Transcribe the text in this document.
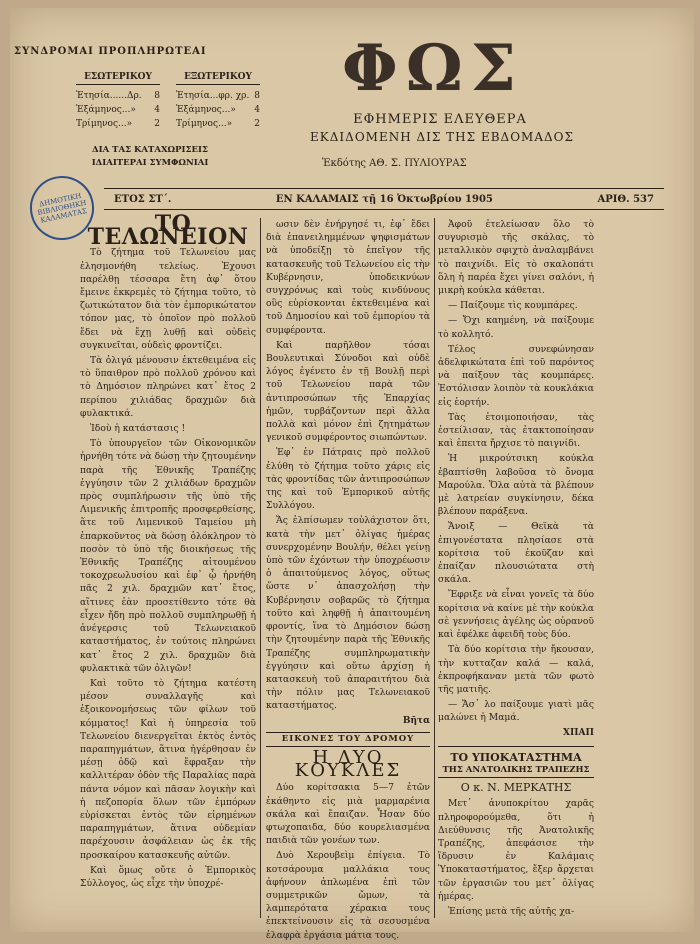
ΣΥΝΔΡΟΜΑΙ ΠΡΟΠΛΗΡΩΤΕΑΙ
ΕΣΩΤΕΡΙΚΟΥ
Ἐτησία......Δρ. 8
Ἑξάμηνος...» 4
Τρίμηνος...» 2
ΕΞΩΤΕΡΙΚΟΥ
Ἐτησία...φρ. χρ. 8
Ἑξάμηνος...» 4
Τρίμηνος...» 2
ΔΙΑ ΤΑΣ ΚΑΤΑΧΩΡΙΣΕΙΣ
ΙΔΙΑΙΤΕΡΑΙ ΣΥΜΦΩΝΙΑΙ
ΦΩΣ
ΕΦΗΜΕΡΙΣ ΕΛΕΥΘΕΡΑ
ΕΚΔΙΔΟΜΕΝΗ ΔΙΣ ΤΗΣ ΕΒΔΟΜΑΔΟΣ
Ἐκδότης ΑΘ. Σ. ΠΥΛΙΟΥΡΑΣ
ΔΗΜΟΤΙΚΗ ΒΙΒΛΙΟΘΗΚΗ ΚΑΛΑΜΑΤΑΣ
ΕΤΟΣ ΣΤ΄.	ΕΝ ΚΑΛΑΜΑΙΣ τῇ 16 Ὀκτωβρίου 1905	ΑΡΙΘ. 537

ΤΟ ΤΕΛΩΝΕΙΟΝ

Τὸ ζήτημα τοῦ Τελωνείου μας ἐλησμονήθη τελείως. Ἐχουσι παρέλθῃ τέσσαρα ἔτη ἀφ᾽ ὅτου ἔμεινε ἐκκρεμὲς τὸ ζήτημα τοῦτο, τὸ ζωτικώτατον διὰ τὸν ἐμπορικώτατον τόπον μας, τὸ ὁποῖον πρὸ πολλοῦ ἔδει νὰ ἔχῃ λυθῇ καὶ οὐδεὶς συγκινεῖται, οὐδεὶς φροντίζει.

Τὰ ὀλιγά μένουσιν ἐκτεθειμένα εἰς τὸ ὕπαιθρον πρὸ πολλοῦ χρόνου καὶ τὸ Δημόσιον πληρώνει κατ᾽ ἔτος 2 περίπου χιλιάδας δραχμῶν διὰ φυλακτικά.

Ἰδοὺ ἡ κατάστασις !

Τὸ ὑπουργεῖον τῶν Οἰκονομικῶν ἠρνήθη τότε νὰ δώσῃ τὴν ζητουμένην παρὰ τῆς Ἐθνικῆς Τραπέζης ἐγγύησιν τῶν 2 χιλιάδων δραχμῶν πρὸς συμπλήρωσιν τῆς ὑπὸ τῆς Λιμενικῆς ἐπιτροπῆς προσφερθείσης, ἅτε τοῦ Λιμενικοῦ Ταμείου μὴ ἐπαρκοῦντος νὰ δώσῃ ὁλόκληρον τὸ ποσὸν τὸ ὑπὸ τῆς διοικήσεως τῆς Ἐθνικῆς Τραπέζης αἰτουμένου τοκοχρεωλυσίου καὶ ἐφ᾽ ᾧ ἠρνήθη πᾶς 2 χιλ. δραχμῶν κατ᾽ ἔτος, αἵτινες ἐὰν προσετίθεντο τότε θὰ εἶχεν ἤδη πρὸ πολλοῦ συμπληρωθῇ ἡ ἀνέγερσις τοῦ Τελωνειακοῦ καταστήματος, ἐν τούτοις πληρώνει κατ᾽ ἔτος 2 χιλ. δραχμῶν διὰ φυλακτικὰ τῶν ὀλιγῶν!

Καὶ τοῦτο τὸ ζήτημα κατέστη μέσον συναλλαγῆς καὶ ἐξοικονομήσεως τῶν φίλων τοῦ κόμματος! Καὶ ἡ ὑπηρεσία τοῦ Τελωνείου διενεργεῖται ἐκτὸς ἐντὸς παραπηγμάτων, ἅτινα ἠγέρθησαν ἐν μέσῃ ὁδῷ καὶ ἔφραξαν τὴν καλλιτέραν ὁδὸν τῆς Παραλίας παρὰ πάντα νόμον καὶ πᾶσαν λογικὴν καὶ ἡ πεζοπορία ὅλων τῶν ἐμπόρων εὑρίσκεται ἐντὸς τῶν εἰρημένων παραπηγμάτων, ἅτινα οὐδεμίαν παρέχουσιν ἀσφάλειαν ὡς ἐκ τῆς προσκαίρου κατασκευῆς αὐτῶν.

Καὶ ὅμως οὔτε ὁ Ἐμπορικὸς Σύλλογος, ὡς εἶχε τὴν ὑποχρέ-

ωσιν δὲν ἐνήργησέ τι, ἐφ᾽ ἔδει διὰ ἐπανειλημμένων ψηφισμάτων νὰ ὑποδείξῃ τὸ ἐπεῖγον τῆς κατασκευῆς τοῦ Τελωνείου εἰς τὴν Κυβέρνησιν, ὑποδεικνύων συγχρόνως καὶ τοὺς κινδύνους οὓς εὑρίσκονται ἐκτεθειμένα καὶ τοῦ Δημοσίου καὶ τοῦ ἐμπορίου τὰ συμφέροντα.

Καὶ παρῆλθον τόσαι Βουλευτικαὶ Σύνοδοι καὶ οὐδὲ λόγος ἐγένετο ἐν τῇ Βουλῇ περὶ τοῦ Τελωνείου παρὰ τῶν ἀντιπροσώπων τῆς Ἐπαρχίας ἡμῶν, τυρβάζοντων περὶ ἄλλα πολλὰ καὶ μόνον ἐπὶ ζητημάτων γενικοῦ συμφέροντος σιωπώντων.

Ἐφ᾽ ἐν Πάτραις πρὸ πολλοῦ ἐλύθη τὸ ζήτημα τοῦτο χάρις εἰς τὰς φροντίδας τῶν ἀντιπροσώπων της καὶ τοῦ Ἐμπορικοῦ αὐτῆς Συλλόγου.

Ἄς ἐλπίσωμεν τοὐλάχιστον ὅτι, κατὰ τὴν μετ᾽ ὀλίγας ἡμέρας συνερχομένην Βουλήν, θέλει γείνῃ ὑπὸ τῶν ἐχόντων τὴν ὑποχρέωσιν ὁ ἀπαιτούμενος λόγος, οὕτως ὥστε ν᾽ ἀπασχολήσῃ τὴν Κυβέρνησιν σοβαρῶς τὸ ζήτημα τοῦτο καὶ ληφθῇ ἡ ἀπαιτουμένη φροντίς, ἵνα τὸ Δημόσιον δώσῃ τὴν ζητουμένην παρὰ τῆς Ἐθνικῆς Τραπέζης συμπληρωματικὴν ἐγγύησιν καὶ οὕτω ἀρχίσῃ ἡ κατασκευὴ τοῦ ἀπαραιτήτου διὰ τὴν πόλιν μας Τελωνειακοῦ καταστήματος.

Βῆτα
ΕΙΚΟΝΕΣ ΤΟΥ ΔΡΟΜΟΥ
Η ΔΥΟ ΚΟΥΚΛΕΣ

Δύο κορίτσακια 5—7 ἐτῶν ἐκάθηντο εἰς μιὰ μαρμαρένια σκάλα καὶ ἔπαιζαν. Ἦσαν δύο φτωχοπαιδα, δύο κουρελιασμένα παιδιὰ τῶν γονέων των.

Δυὸ Χερουβεὶμ ἐπίγεια. Τὸ κοτσάρουμα μαλλάκια τους ἀφήνουν ἀπλωμένα ἐπὶ τῶν συμμετρικῶν ὤμων, τὰ λαμπερότατα χέρακια τους ἐπεκτείνουσιν εἰς τὰ σεσυσμένα ἐλαφρὰ ἐργάσια μάτια τους.

Ἀφοῦ ἐτελείωσαν ὅλο τὸ συγυρισμὸ τῆς σκάλας, τὸ μεταλλικὸν σφιχτὸ ἀναλαμβάνει τὸ παιχνίδι. Εἰς τὸ σκαλοπάτι ὅλη ἡ παρέα ἔχει γίνει σαλόνι, ἡ μικρὴ κούκλα κάθεται.

— Παίζουμε τὶς κουμπάρες.

— Ὄχι καημένη, νὰ παίξουμε τὸ κολλητό.

Τέλος συνεφώνησαν ἀδελφικώτατα ἐπὶ τοῦ παρόντος νὰ παίξουν τὰς κουμπάρες. Ἐστόλισαν λοιπὸν τὰ κουκλάκια εἰς ἑορτήν.

Τὰς ἐτοιμοποιήσαν, τὰς ἐστείλισαν, τὰς ἐτακτοποίησαν καὶ ἐπειτα ἤρχισε τὸ παιγνίδι.

Ἡ μικρούτσικη κούκλα ἐβαπτίσθη λαβοῦσα τὸ ὄνομα Μαρούλα. Ὅλα αὐτὰ τὰ βλέπουν μὲ λατρείαν συγκίνησιν, δέκα βλέπουν παράξενα.

Ἄνοιξ — Θεϊκὰ τὰ ἐπιγονέστατα πλησίασε στὰ κορίτσια τοῦ ἐκοῦζαν καὶ ἐπαίζαν πλουσιώτατα στὴ σκάλα.

Ἔφριξε νὰ εἶναι γονεῖς τὰ δύο κορίτσια νὰ καίνε μὲ τὴν κούκλα σὲ γεννήσεις ἀγέλης ὡς οὐρανοῦ καὶ ἐφέλκε ἀφειδῆ τοὺς δύο.

Τὰ δύο κορίτσια τὴν ἤκουσαν, τὴν κυτταζαν καλά — καλά, ἐκπροφήκαναν μετὰ τῶν φωτὸ τῆς ματιῆς.

— Ἄσ᾽ λο παίξουμε γιατὶ μᾶς μαλώνει ἡ Μαμά.

ΧΠΑΠ
ΤΟ ΥΠΟΚΑΤΑΣΤΗΜΑ
ΤΗΣ ΑΝΑΤΟΛΙΚΗΣ ΤΡΑΠΕΖΗΣ
Ο κ. Ν. ΜΕΡΚΑΤΗΣ

Μετ᾽ ἀνυποκρίτου χαρᾶς πληροφορούμεθα, ὅτι ἡ Διεύθυνσις τῆς Ἀνατολικῆς Τραπέζης, ἀπεφάσισε τὴν ἵδρυσιν ἐν Καλάμαις Ὑποκαταστήματος, ἔξερ ἄρχεται τῶν ἐργασιῶν του μετ᾽ ὀλίγας ἡμέρας.

Ἐπίσης μετὰ τῆς αὐτῆς χα-
